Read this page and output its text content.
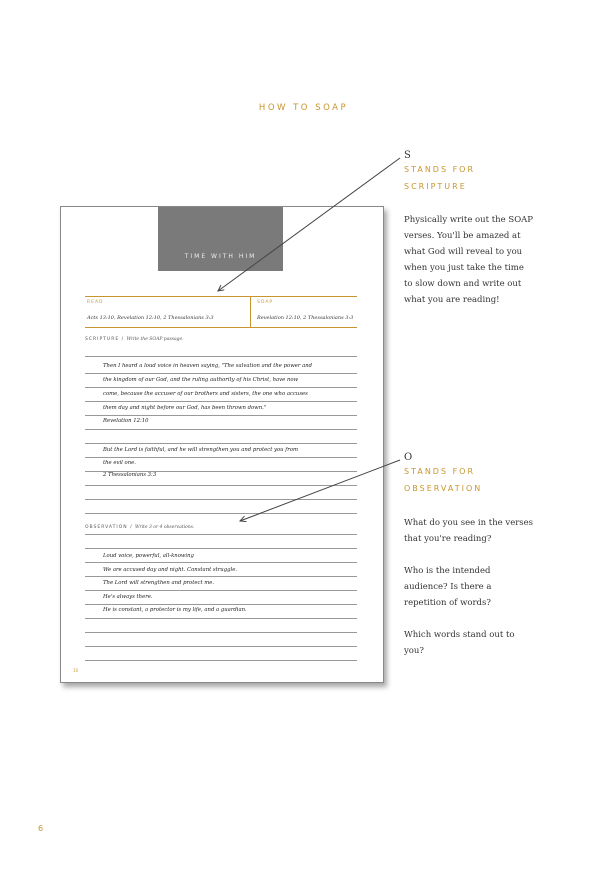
HOW TO SOAP
TIME WITH HIM
READ
Acts 13:10, Revelation 12:10, 2 Thessalonians 3:3
SOAP
Revelation 12:10, 2 Thessalonians 3:3
SCRIPTURE / Write the SOAP passage.
Then I heard a loud voice in heaven saying, "The salvation and the power and
the kingdom of our God, and the ruling authority of his Christ, have now
come, because the accuser of our brothers and sisters, the one who accuses
them day and night before our God, has been thrown down."
Revelation 12:10
But the Lord is faithful, and he will strengthen you and protect you from
the evil one.
2 Thessalonians 3:3
OBSERVATION / Write 3 or 4 observations.
Loud voice, powerful, all-knowing
We are accused day and night. Constant struggle.
The Lord will strengthen and protect me.
He's always there.
He is constant, a protector is my life, and a guardian.
10
S
STANDS FOR
SCRIPTURE
Physically write out the SOAP verses. You'll be amazed at what God will reveal to you when you just take the time to slow down and write out what you are reading!
O
STANDS FOR
OBSERVATION
What do you see in the verses that you're reading?
Who is the intended audience? Is there a repetition of words?
Which words stand out to you?
6
